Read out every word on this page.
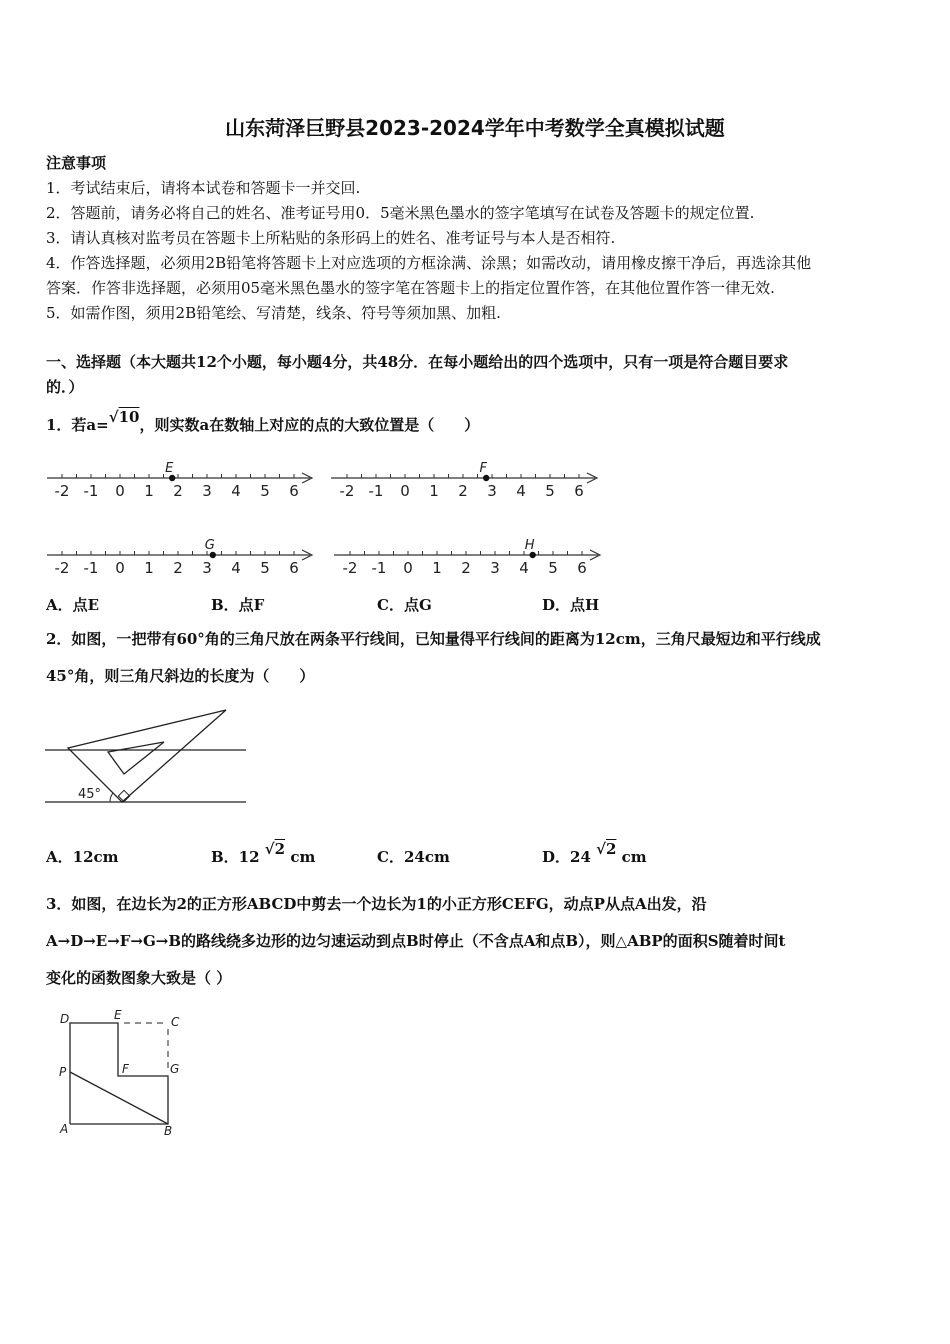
山东菏泽巨野县2023-2024学年中考数学全真模拟试题
注意事项
1．考试结束后，请将本试卷和答题卡一并交回.
2．答题前，请务必将自己的姓名、准考证号用0．5毫米黑色墨水的签字笔填写在试卷及答题卡的规定位置.
3．请认真核对监考员在答题卡上所粘贴的条形码上的姓名、准考证号与本人是否相符.
4．作答选择题，必须用2B铅笔将答题卡上对应选项的方框涂满、涂黑；如需改动，请用橡皮擦干净后，再选涂其他
答案．作答非选择题，必须用05毫米黑色墨水的签字笔在答题卡上的指定位置作答，在其他位置作答一律无效.
5．如需作图，须用2B铅笔绘、写清楚，线条、符号等须加黑、加粗.
一、选择题（本大题共12个小题，每小题4分，共48分．在每小题给出的四个选项中，只有一项是符合题目要求
的．）
1．若a=√10，则实数a在数轴上对应的点的大致位置是（　　）
-2 -1 0 1 2 3 4 5 6
E
-2 -1 0 1 2 3 4 5 6
F
-2 -1 0 1 2 3 4 5 6
G
-2 -1 0 1 2 3 4 5 6
H
A．点E	B．点F	C．点G	D．点H
2．如图，一把带有60°角的三角尺放在两条平行线间，已知量得平行线间的距离为12cm，三角尺最短边和平行线成
45°角，则三角尺斜边的长度为（　　）
45°
A．12cm	B．12 √2 cm	C．24cm	D．24 √2 cm
3．如图，在边长为2的正方形ABCD中剪去一个边长为1的小正方形CEFG，动点P从点A出发，沿
A→D→E→F→G→B的路线绕多边形的边匀速运动到点B时停止（不含点A和点B），则△ABP的面积S随着时间t
变化的函数图象大致是（ ）
D	E	C
P	F	G
A	B
